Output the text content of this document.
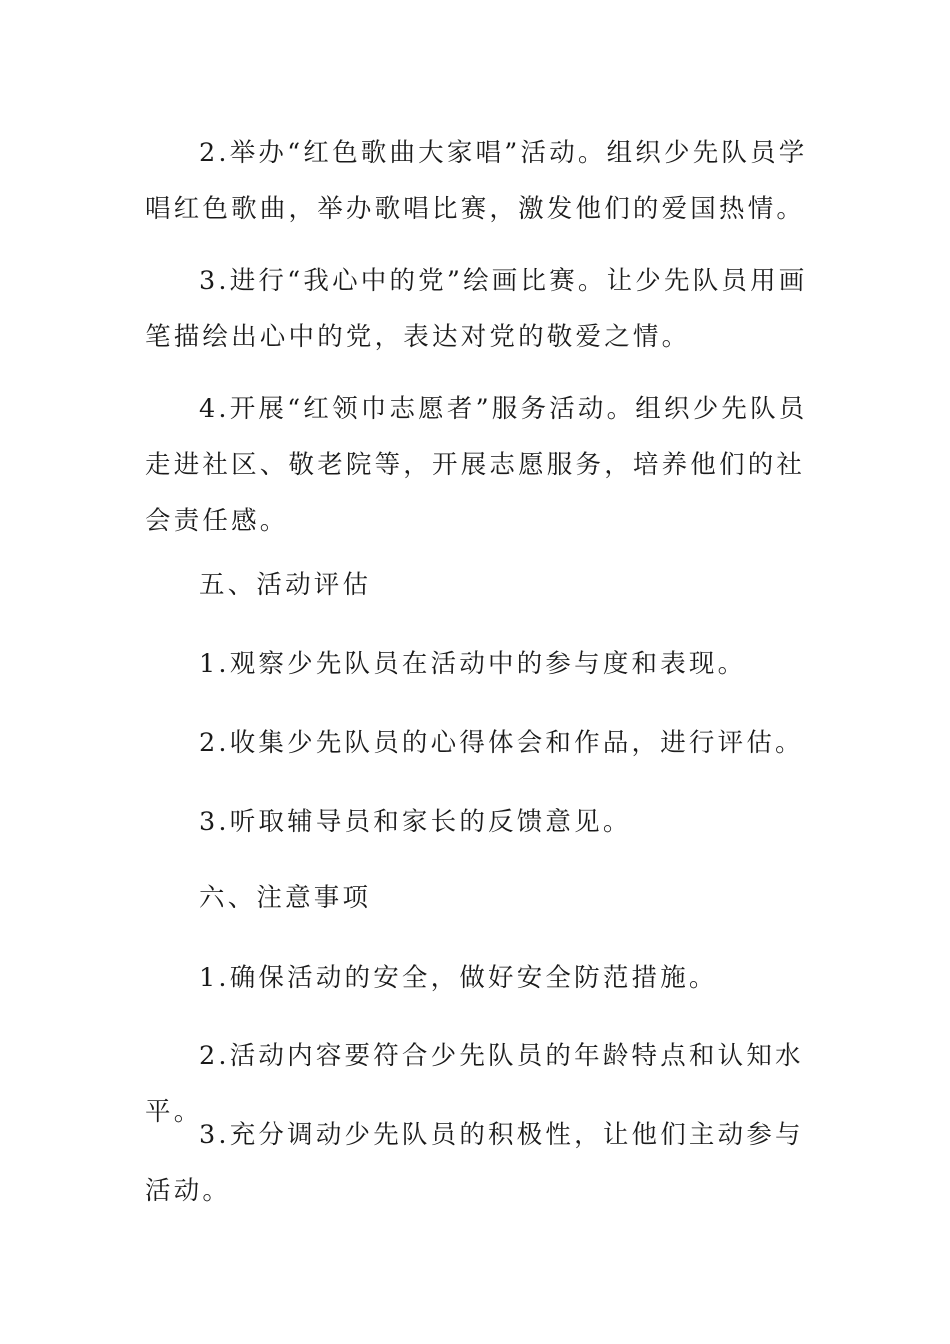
2.举办“红色歌曲大家唱”活动。组织少先队员学唱红色歌曲，举办歌唱比赛，激发他们的爱国热情。

3.进行“我心中的党”绘画比赛。让少先队员用画笔描绘出心中的党，表达对党的敬爱之情。

4.开展“红领巾志愿者”服务活动。组织少先队员走进社区、敬老院等，开展志愿服务，培养他们的社会责任感。

五、活动评估

1.观察少先队员在活动中的参与度和表现。

2.收集少先队员的心得体会和作品，进行评估。

3.听取辅导员和家长的反馈意见。

六、注意事项

1.确保活动的安全，做好安全防范措施。

2.活动内容要符合少先队员的年龄特点和认知水平。

3.充分调动少先队员的积极性，让他们主动参与活动。
